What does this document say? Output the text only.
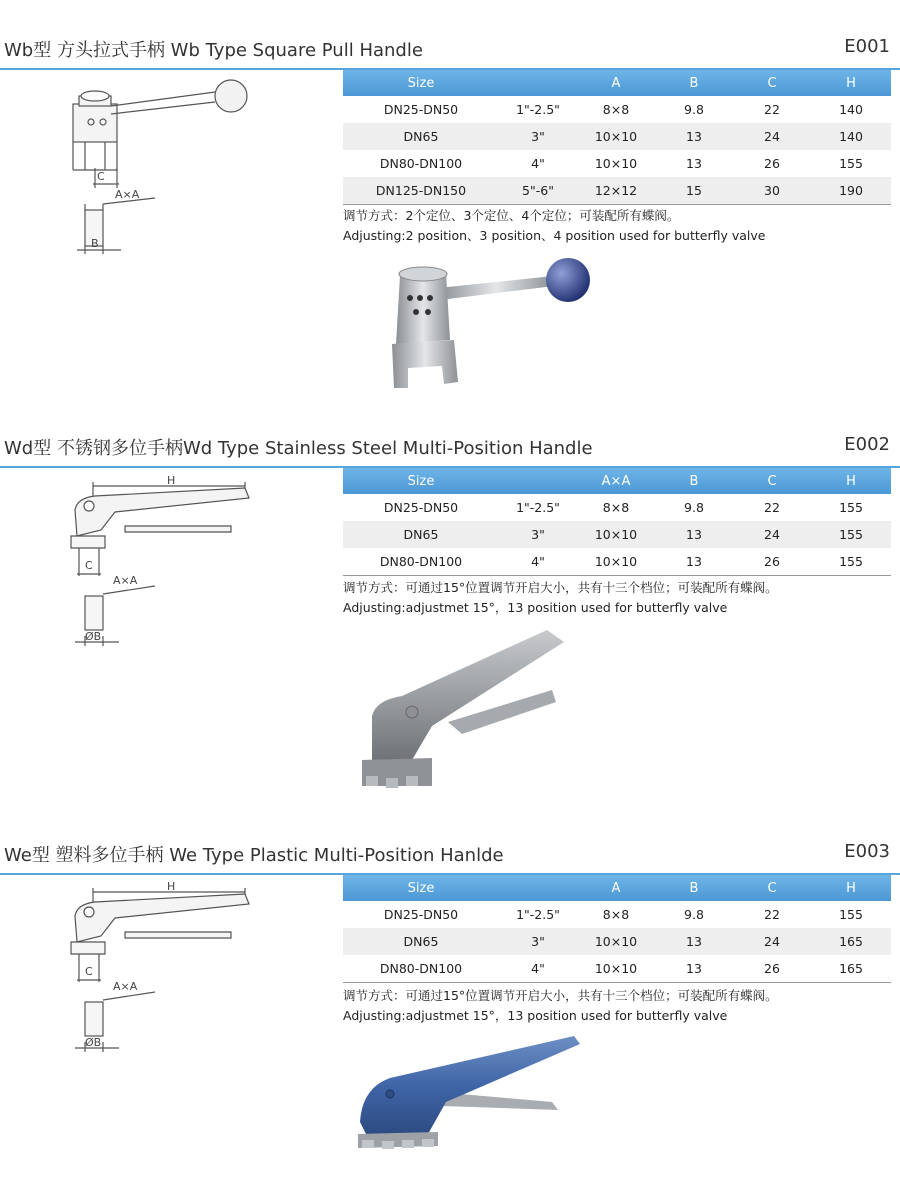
Wb型 方头拉式手柄 Wb Type Square Pull Handle	E001
Size		A	B	C	H
DN25-DN50	1"-2.5"	8×8	9.8	22	140
DN65	3"	10×10	13	24	140
DN80-DN100	4"	10×10	13	26	155
DN125-DN150	5"-6"	12×12	15	30	190
调节方式：2个定位、3个定位、4个定位；可装配所有蝶阀。
Adjusting:2 position、3 position、4 position used for butterfly valve
C
A×A
B
Wd型 不锈钢多位手柄Wd Type Stainless Steel Multi-Position Handle	E002
Size		A×A	B	C	H
DN25-DN50	1"-2.5"	8×8	9.8	22	155
DN65	3"	10×10	13	24	155
DN80-DN100	4"	10×10	13	26	155
调节方式：可通过15°位置调节开启大小，共有十三个档位；可装配所有蝶阀。
Adjusting:adjustmet 15°，13 position used for butterfly valve
H
C
A×A
ØB
We型 塑料多位手柄 We Type Plastic Multi-Position Hanlde	E003
Size		A	B	C	H
DN25-DN50	1"-2.5"	8×8	9.8	22	155
DN65	3"	10×10	13	24	165
DN80-DN100	4"	10×10	13	26	165
调节方式：可通过15°位置调节开启大小，共有十三个档位；可装配所有蝶阀。
Adjusting:adjustmet 15°，13 position used for butterfly valve
H
C
A×A
ØB
